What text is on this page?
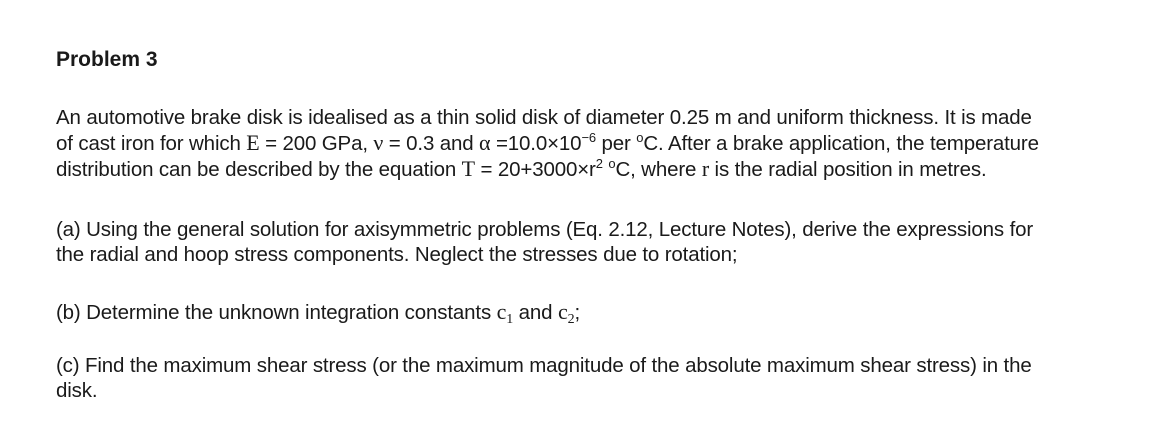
Problem 3
An automotive brake disk is idealised as a thin solid disk of diameter 0.25 m and uniform thickness. It is made
of cast iron for which E = 200 GPa, ν = 0.3 and $\alpha =10.0\times 10^{-6}$ per $^o$C. After a brake application, the temperature
distribution can be described by the equation $T = 20+3000\times r^2$ $^o$C, where r is the radial position in metres.
(a) Using the general solution for axisymmetric problems (Eq. 2.12, Lecture Notes), derive the expressions for
the radial and hoop stress components. Neglect the stresses due to rotation;
(b) Determine the unknown integration constants $c_1$ and $c_2$;
(c) Find the maximum shear stress (or the maximum magnitude of the absolute maximum shear stress) in the
disk.
